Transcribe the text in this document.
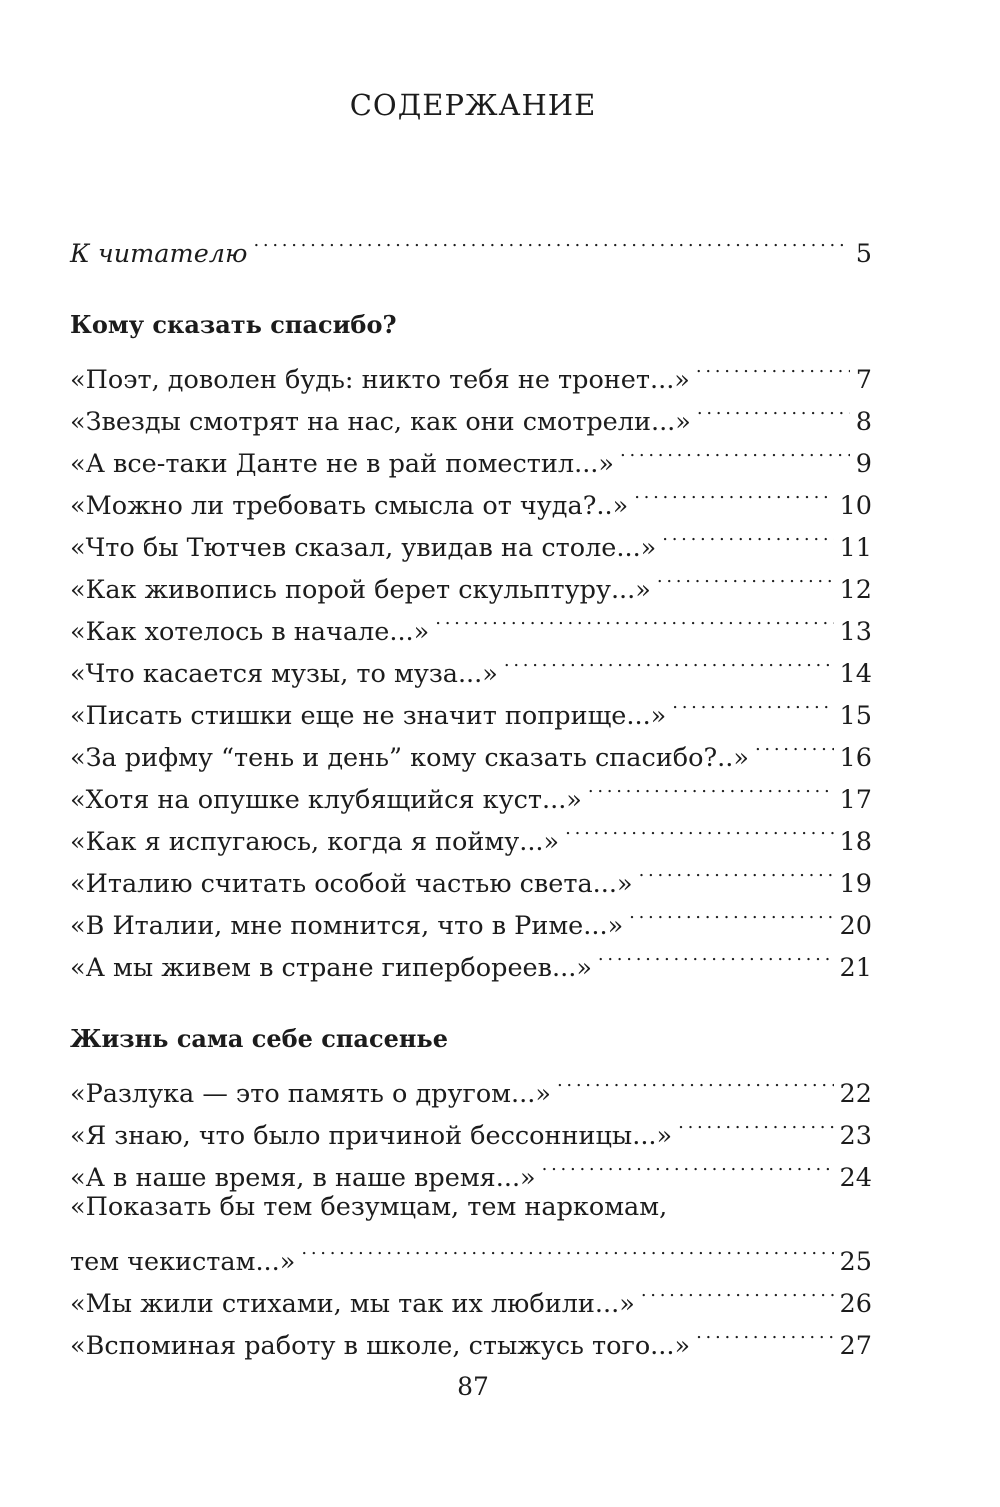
СОДЕРЖАНИЕ
К читателю . . .	5
Кому сказать спасибо?
«Поэт, доволен будь: никто тебя не тронет...» . . .	7
«Звезды смотрят на нас, как они смотрели...» . . .	8
«А все-таки Данте не в рай поместил...» . . .	9
«Можно ли требовать смысла от чуда?..» . . .	10
«Что бы Тютчев сказал, увидав на столе...» . . .	11
«Как живопись порой берет скульптуру...» . . .	12
«Как хотелось в начале...» . . .	13
«Что касается музы, то муза...» . . .	14
«Писать стишки еще не значит поприще...» . . .	15
«За рифму “тень и день” кому сказать спасибо?..» . . .	16
«Хотя на опушке клубящийся куст...» . . .	17
«Как я испугаюсь, когда я пойму...» . . .	18
«Италию считать особой частью света...» . . .	19
«В Италии, мне помнится, что в Риме...» . . .	20
«А мы живем в стране гипербореев...» . . .	21
Жизнь сама себе спасенье
«Разлука — это память о другом...» . . .	22
«Я знаю, что было причиной бессонницы...» . . .	23
«А в наше время, в наше время...» . . .	24
«Показать бы тем безумцам, тем наркомам,
тем чекистам...» . . .	25
«Мы жили стихами, мы так их любили...» . . .	26
«Вспоминая работу в школе, стыжусь того...» . . .	27
87
